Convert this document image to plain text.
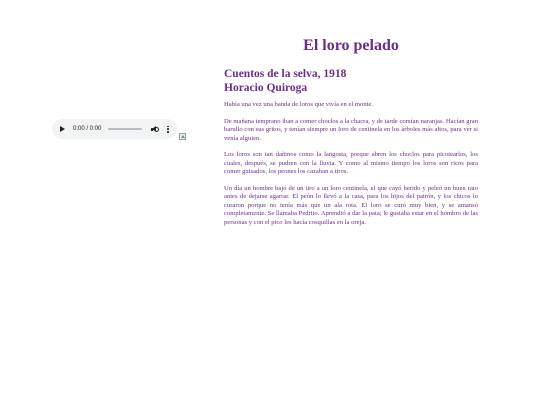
El loro pelado
Cuentos de la selva, 1918
Horacio Quiroga
0:00 / 0:00

Había una vez una banda de loros que vivía en el monte.

De mañana temprano iban a comer choclos a la chacra, y de tarde comían naranjas. Hacían gran barullo con sus gritos, y tenían siempre un loro de centinela en los árboles más altos, para ver si venía alguien.

Los loros son tan dañinos como la langosta, porque abren los choclos para picotearlos, los cuales, después, se pudren con la lluvia. Y como al mismo tiempo los loros son ricos para comer guisados, los peones los cazaban a tiros.

Un día un hombre bajó de un tiro a un loro centinela, el que cayó herido y peleó un buen rato antes de dejarse agarrar. El peón lo llevó a la casa, para los hijos del patrón, y los chicos lo curaron porque no tenía más que un ala rota. El loro se curó muy bien, y se amansó completamente. Se llamaba Pedrito. Aprendió a dar la pata; le gustaba estar en el hombro de las personas y con el pico les hacía cosquillas en la oreja.
